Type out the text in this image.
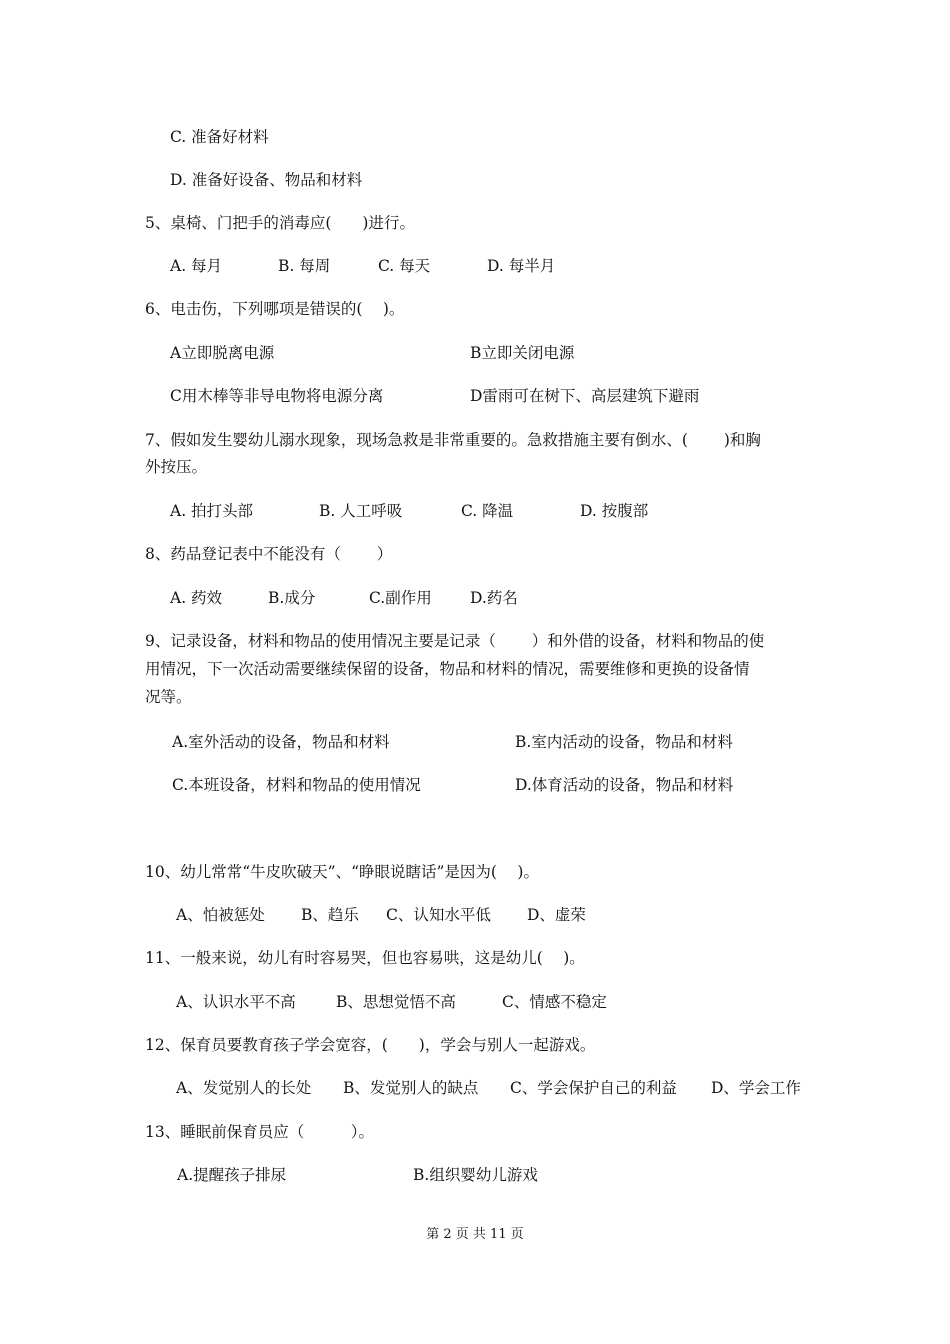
C. 准备好材料
D. 准备好设备、物品和材料
5、桌椅、门把手的消毒应(　　)进行。
A. 每月	B. 每周	C. 每天	D. 每半月
6、电击伤，下列哪项是错误的(　 )。
A立即脱离电源	B立即关闭电源
C用木棒等非导电物将电源分离	D雷雨可在树下、高层建筑下避雨
7、假如发生婴幼儿溺水现象，现场急救是非常重要的。急救措施主要有倒水、(　　 )和胸
外按压。
A. 拍打头部	B. 人工呼吸	C. 降温	D. 按腹部
8、药品登记表中不能没有（　　 ）
A. 药效	B.成分	C.副作用 D.药名
9、记录设备，材料和物品的使用情况主要是记录（　　 ）和外借的设备，材料和物品的使
用情况，下一次活动需要继续保留的设备，物品和材料的情况，需要维修和更换的设备情
况等。
A.室外活动的设备，物品和材料	B.室内活动的设备，物品和材料
C.本班设备，材料和物品的使用情况	D.体育活动的设备，物品和材料
10、幼儿常常“牛皮吹破天”、“睁眼说瞎话”是因为(　 )。
A、怕被惩处 B、趋乐 C、认知水平低 D、虚荣
11、一般来说，幼儿有时容易哭，但也容易哄，这是幼儿(　 )。
A、认识水平不高	B、思想觉悟不高	C、情感不稳定
12、保育员要教育孩子学会宽容，(　　)，学会与别人一起游戏。
A、发觉别人的长处 B、发觉别人的缺点 C、学会保护自己的利益 D、学会工作
13、睡眠前保育员应（　　　）。
A.提醒孩子排尿	B.组织婴幼儿游戏
第 2 页 共 11 页
